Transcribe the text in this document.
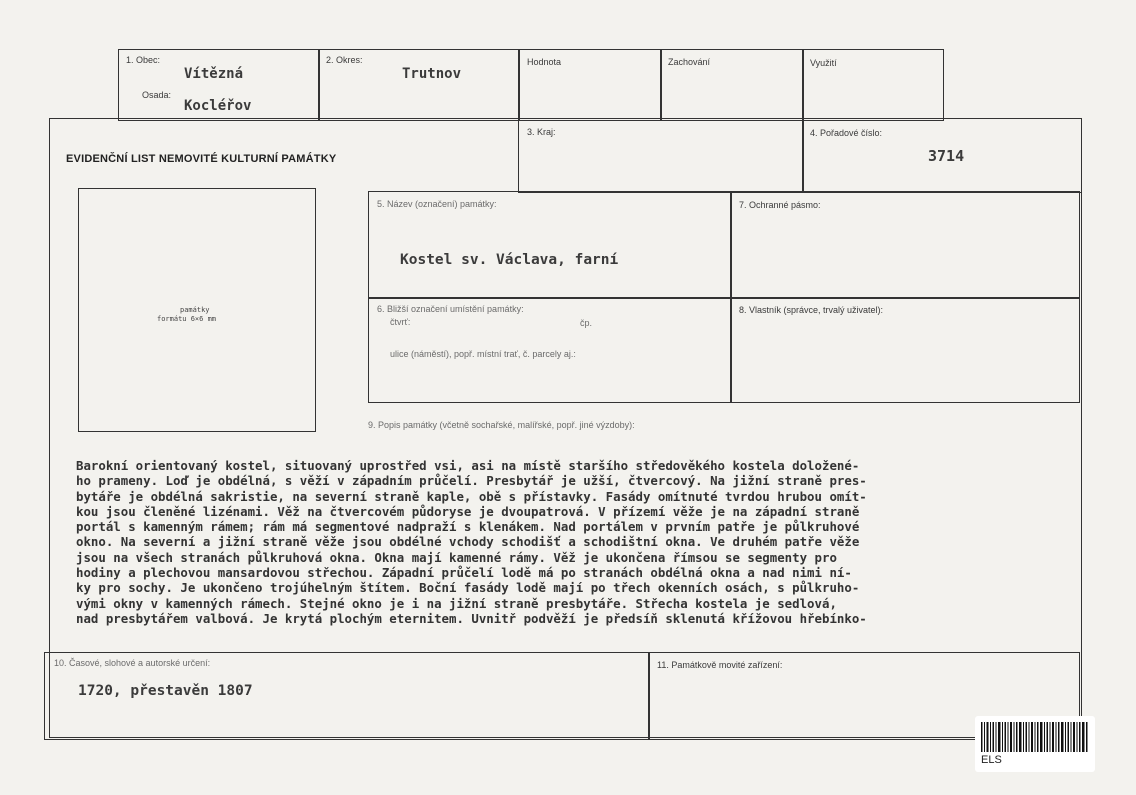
1. Obec:
Vítězná
Osada:
Kocléřov
2. Okres:
Trutnov
Hodnota	Zachování	Využití
3. Kraj:	4. Pořadové číslo:
3714
EVIDENČNÍ LIST NEMOVITÉ KULTURNÍ PAMÁTKY
památky
formátu 6×6 mm
5. Název (označení) památky:
Kostel sv. Václava, farní
7. Ochranné pásmo:
6. Bližší označení umístění památky:
čtvrť:	čp.
ulice (náměstí), popř. místní trať, č. parcely aj.:
8. Vlastník (správce, trvalý uživatel):
9. Popis památky (včetně sochařské, malířské, popř. jiné výzdoby):
Barokní orientovaný kostel, situovaný uprostřed vsi, asi na místě staršího středověkého kostela doložené-
ho prameny. Loď je obdélná, s věží v západním průčelí. Presbytář je užší, čtvercový. Na jižní straně pres-
bytáře je obdélná sakristie, na severní straně kaple, obě s přístavky. Fasády omítnuté tvrdou hrubou omít-
kou jsou členěné lizénami. Věž na čtvercovém půdoryse je dvoupatrová. V přízemí věže je na západní straně
portál s kamenným rámem; rám má segmentové nadpraží s klenákem. Nad portálem v prvním patře je půlkruhové
okno. Na severní a jižní straně věže jsou obdélné vchody schodišť a schodištní okna. Ve druhém patře věže
jsou na všech stranách půlkruhová okna. Okna mají kamenné rámy. Věž je ukončena římsou se segmenty pro
hodiny a plechovou mansardovou střechou. Západní průčelí lodě má po stranách obdélná okna a nad nimi ní-
ky pro sochy. Je ukončeno trojúhelným štítem. Boční fasády lodě mají po třech okenních osách, s půlkruho-
vými okny v kamenných rámech. Stejné okno je i na jižní straně presbytáře. Střecha kostela je sedlová,
nad presbytářem valbová. Je krytá plochým eternitem. Uvnitř podvěží je předsíň sklenutá křížovou hřebínko-
10. Časové, slohové a autorské určení:
1720, přestavěn 1807
11. Památkově movité zařízení:
ELS
